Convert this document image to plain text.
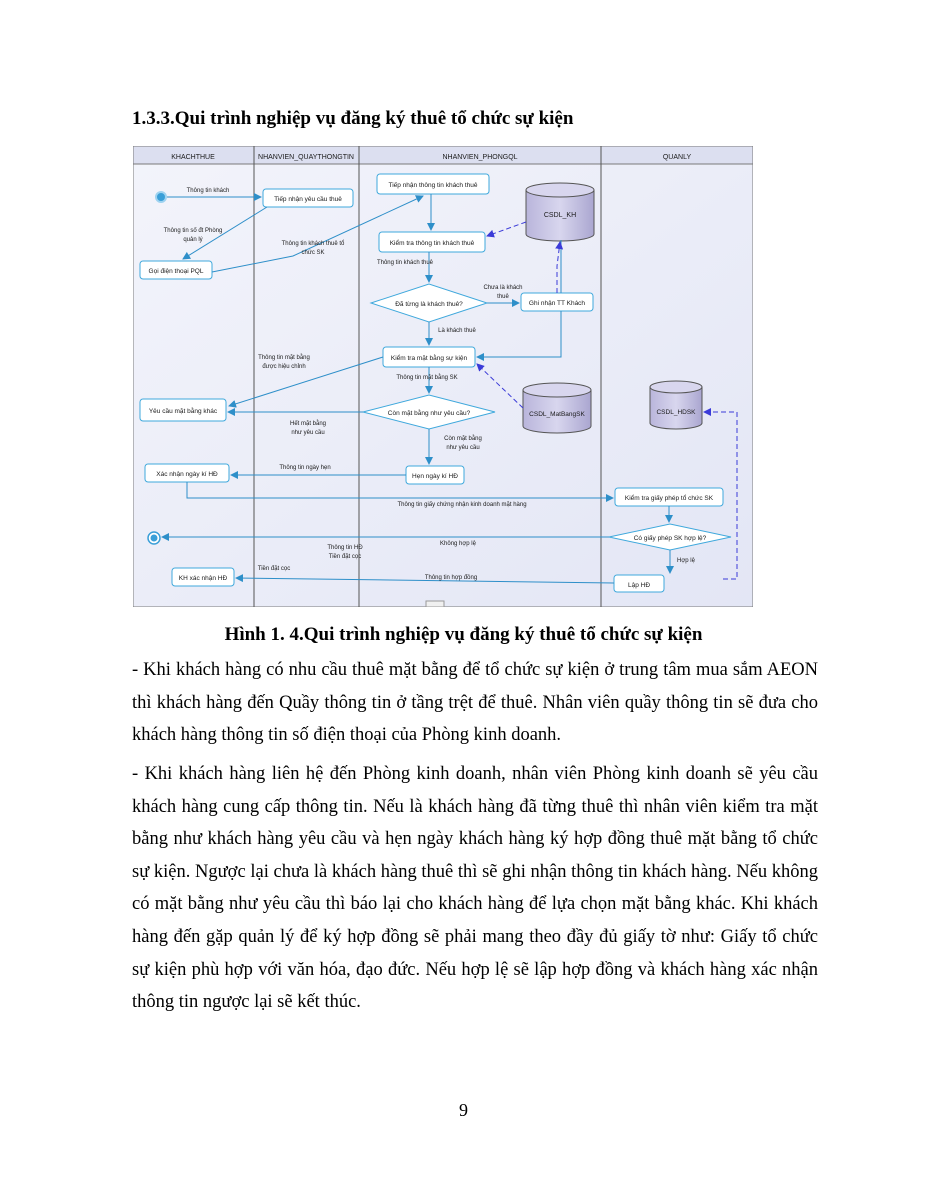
1.3.3.Qui trình nghiệp vụ đăng ký thuê tổ chức sự kiện
KHACHTHUE	NHANVIEN_QUAYTHONGTIN	NHANVIEN_PHONGQL	QUANLY
CSDL_KH
CSDL_MatBangSK	CSDL_HDSK
Tiếp nhận yêu cầu thuê
Gọi điện thoại PQL
Tiếp nhận thông tin khách thuê
Kiểm tra thông tin khách thuê
Đã từng là khách thuê?	Ghi nhận TT Khách
Kiểm tra mặt bằng sự kiện
Còn mặt bằng như yêu cầu?
Yêu cầu mặt bằng khác
Hẹn ngày kí HĐ
Xác nhận ngày kí HĐ
Kiểm tra giấy phép tổ chức SK
Có giấy phép SK hợp lệ?
Lập HĐ
KH xác nhận HĐ
Thông tin khách
Thông tin số đt Phòng
quản lý
Thông tin khách thuê tổ
chức SK
Thông tin khách thuê
Chưa là khách
thuê
Là khách thuê
Thông tin mặt bằng
được hiệu chỉnh
Thông tin mặt bằng SK
Hết mặt bằng
như yêu cầu
Còn mặt bằng
như yêu cầu
Thông tin ngày hẹn
Thông tin giấy chứng nhận kinh doanh mặt hàng
Không hợp lệ
Thông tin HĐ
Tiền đặt cọc
Tiền đặt cọc
Hợp lệ
Thông tin hợp đồng
Hình 1. 4.Qui trình nghiệp vụ đăng ký thuê tổ chức sự kiện
- Khi khách hàng có nhu cầu thuê mặt bằng để tổ chức sự kiện ở trung tâm mua sắm AEON thì khách hàng đến Quầy thông tin ở tầng trệt để thuê. Nhân viên quầy thông tin sẽ đưa cho khách hàng thông tin số điện thoại của Phòng kinh doanh.
- Khi khách hàng liên hệ đến Phòng kinh doanh, nhân viên Phòng kinh doanh sẽ yêu cầu khách hàng cung cấp thông tin. Nếu là khách hàng đã từng thuê thì nhân viên kiểm tra mặt bằng như khách hàng yêu cầu và hẹn ngày khách hàng ký hợp đồng thuê mặt bằng tổ chức sự kiện. Ngược lại chưa là khách hàng thuê thì sẽ ghi nhận thông tin khách hàng. Nếu không có mặt bằng như yêu cầu thì báo lại cho khách hàng để lựa chọn mặt bằng khác. Khi khách hàng đến gặp quản lý để ký hợp đồng sẽ phải mang theo đầy đủ giấy tờ như: Giấy tổ chức sự kiện phù hợp với văn hóa, đạo đức. Nếu hợp lệ sẽ lập hợp đồng và khách hàng xác nhận thông tin ngược lại sẽ kết thúc.
9
